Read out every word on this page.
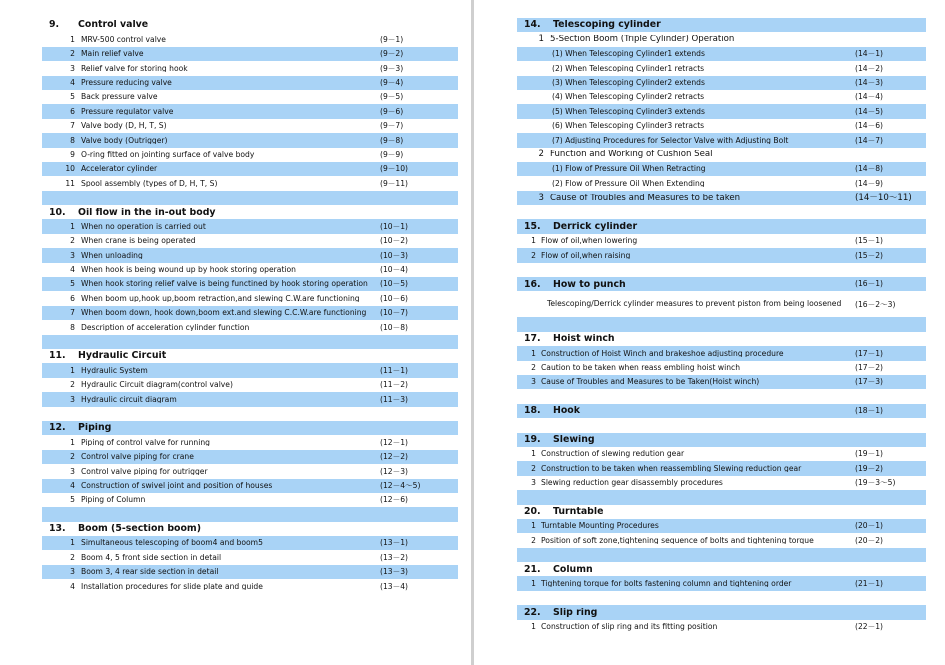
9.	Control valve
1 MRV-500 control valve	(9－1)
2 Main relief valve	(9－2)
3 Relief valve for storing hook	(9－3)
4 Pressure reducing valve	(9－4)
5 Back pressure valve	(9－5)
6 Pressure regulator valve	(9－6)
7 Valve body (D, H, T, S)	(9－7)
8 Valve body (Outrigger)	(9－8)
9 O-ring fitted on jointing surface of valve body	(9－9)
10 Accelerator cylinder	(9－10)
11 Spool assembly (types of D, H, T, S)	(9－11)
10.	Oil flow in the in-out body
1 When no operation is carried out	(10－1)
2 When crane is being operated	(10－2)
3 When unloading	(10－3)
4 When hook is being wound up by hook storing operation	(10－4)
5 When hook storing relief valve is being functined by hook storing operation	(10－5)
6 When boom up,hook up,boom retraction,and slewing C.W.are functioning	(10－6)
7 When boom down, hook down,boom ext.and slewing C.C.W.are functioning	(10－7)
8 Description of acceleration cylinder function	(10－8)
11.	Hydraulic Circuit
1 Hydraulic System	(11－1)
2 Hydraulic Circuit diagram(control valve)	(11－2)
3 Hydraulic circuit diagram	(11－3)
12.	Piping
1 Piping of control valve for running	(12－1)
2 Control valve piping for crane	(12－2)
3 Control valve piping for outrigger	(12－3)
4 Construction of swivel joint and position of houses	(12－4～5)
5 Piping of Column	(12－6)
13.	Boom (5-section boom)
1 Simultaneous telescoping of boom4 and boom5	(13－1)
2 Boom 4, 5 front side section in detail	(13－2)
3 Boom 3, 4 rear side section in detail	(13－3)
4 Installation procedures for slide plate and guide	(13－4)
14.	Telescoping cylinder
1 5-Section Boom (Triple Cylinder) Operation
(1) When Telescoping Cylinder1 extends	(14－1)
(2) When Telescoping Cylinder1 retracts	(14－2)
(3) When Telescoping Cylinder2 extends	(14－3)
(4) When Telescoping Cylinder2 retracts	(14－4)
(5) When Telescoping Cylinder3 extends	(14－5)
(6) When Telescoping Cylinder3 retracts	(14－6)
(7) Adjusting Procedures for Selector Valve with Adjusting Bolt	(14－7)
2 Function and Working of Cushion Seal
(1) Flow of Pressure Oil When Retracting	(14－8)
(2) Flow of Pressure Oil When Extending	(14－9)
3 Cause of Troubles and Measures to be taken	(14－10～11)
15.	Derrick cylinder
1 Flow of oil,when lowering	(15－1)
2 Flow of oil,when raising	(15－2)
16.	How to punch	(16－1)
Telescoping/Derrick cylinder measures to prevent piston from being loosened	(16－2～3)
17.	Hoist winch
1 Construction of Hoist Winch and brakeshoe adjusting procedure	(17－1)
2 Caution to be taken when reass embling hoist winch	(17－2)
3 Cause of Troubles and Measures to be Taken(Hoist winch)	(17－3)
18.	Hook	(18－1)
19.	Slewing
1 Construction of slewing redution gear	(19－1)
2 Construction to be taken when reassembling Slewing reduction gear	(19－2)
3 Slewing reduction gear disassembly procedures	(19－3～5)
20.	Turntable
1 Turntable Mounting Procedures	(20－1)
2 Position of soft zone,tightening sequence of bolts and tightening torque	(20－2)
21.	Column
1 Tightening torque for bolts fastening column and tightening order	(21－1)
22.	Slip ring
1 Construction of slip ring and its fitting position	(22－1)
